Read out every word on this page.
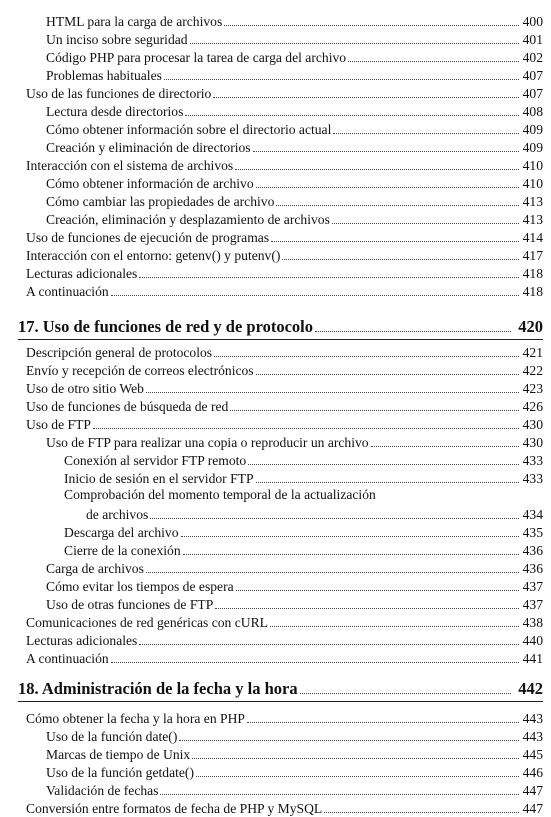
HTML para la carga de archivos	400
Un inciso sobre seguridad	401
Código PHP para procesar la tarea de carga del archivo	402
Problemas habituales	407
Uso de las funciones de directorio	407
Lectura desde directorios	408
Cómo obtener información sobre el directorio actual	409
Creación y eliminación de directorios	409
Interacción con el sistema de archivos	410
Cómo obtener información de archivo	410
Cómo cambiar las propiedades de archivo	413
Creación, eliminación y desplazamiento de archivos	413
Uso de funciones de ejecución de programas	414
Interacción con el entorno: getenv() y putenv()	417
Lecturas adicionales	418
A continuación	418
17. Uso de funciones de red y de protocolo	420
Descripción general de protocolos	421
Envío y recepción de correos electrónicos	422
Uso de otro sitio Web	423
Uso de funciones de búsqueda de red	426
Uso de FTP	430
Uso de FTP para realizar una copia o reproducir un archivo	430
Conexión al servidor FTP remoto	433
Inicio de sesión en el servidor FTP	433
Comprobación del momento temporal de la actualización
de archivos	434
Descarga del archivo	435
Cierre de la conexión	436
Carga de archivos	436
Cómo evitar los tiempos de espera	437
Uso de otras funciones de FTP	437
Comunicaciones de red genéricas con cURL	438
Lecturas adicionales	440
A continuación	441
18. Administración de la fecha y la hora	442
Cómo obtener la fecha y la hora en PHP	443
Uso de la función date()	443
Marcas de tiempo de Unix	445
Uso de la función getdate()	446
Validación de fechas	447
Conversión entre formatos de fecha de PHP y MySQL	447
